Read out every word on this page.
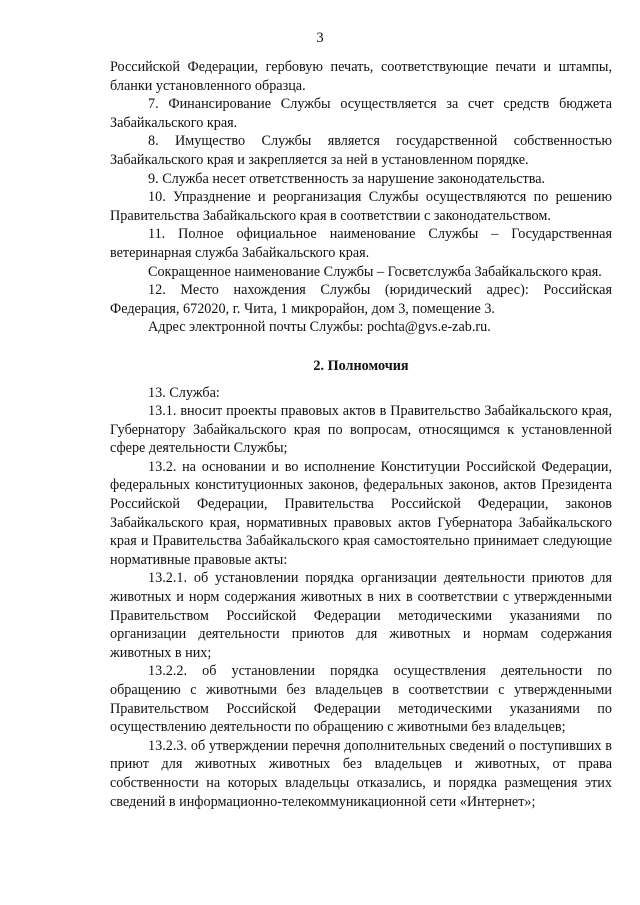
3

Российской Федерации, гербовую печать, соответствующие печати и штампы, бланки установленного образца.

7. Финансирование Службы осуществляется за счет средств бюджета Забайкальского края.

8. Имущество Службы является государственной собственностью Забайкальского края и закрепляется за ней в установленном порядке.

9. Служба несет ответственность за нарушение законодательства.

10. Упразднение и реорганизация Службы осуществляются по решению Правительства Забайкальского края в соответствии с законодательством.

11. Полное официальное наименование Службы – Государственная ветеринарная служба Забайкальского края.

Сокращенное наименование Службы – Госветслужба Забайкальского края.

12. Место нахождения Службы (юридический адрес): Российская Федерация, 672020, г. Чита, 1 микрорайон, дом 3, помещение 3.

Адрес электронной почты Службы: pochta@gvs.e-zab.ru.

2. Полномочия

13. Служба:

13.1. вносит проекты правовых актов в Правительство Забайкальского края, Губернатору Забайкальского края по вопросам, относящимся к установленной сфере деятельности Службы;

13.2. на основании и во исполнение Конституции Российской Федерации, федеральных конституционных законов, федеральных законов, актов Президента Российской Федерации, Правительства Российской Федерации, законов Забайкальского края, нормативных правовых актов Губернатора Забайкальского края и Правительства Забайкальского края самостоятельно принимает следующие нормативные правовые акты:

13.2.1. об установлении порядка организации деятельности приютов для животных и норм содержания животных в них в соответствии с утвержденными Правительством Российской Федерации методическими указаниями по организации деятельности приютов для животных и нормам содержания животных в них;

13.2.2. об установлении порядка осуществления деятельности по обращению с животными без владельцев в соответствии с утвержденными Правительством Российской Федерации методическими указаниями по осуществлению деятельности по обращению с животными без владельцев;

13.2.3. об утверждении перечня дополнительных сведений о поступивших в приют для животных животных без владельцев и животных, от права собственности на которых владельцы отказались, и порядка размещения этих сведений в информационно-телекоммуникационной сети «Интернет»;
